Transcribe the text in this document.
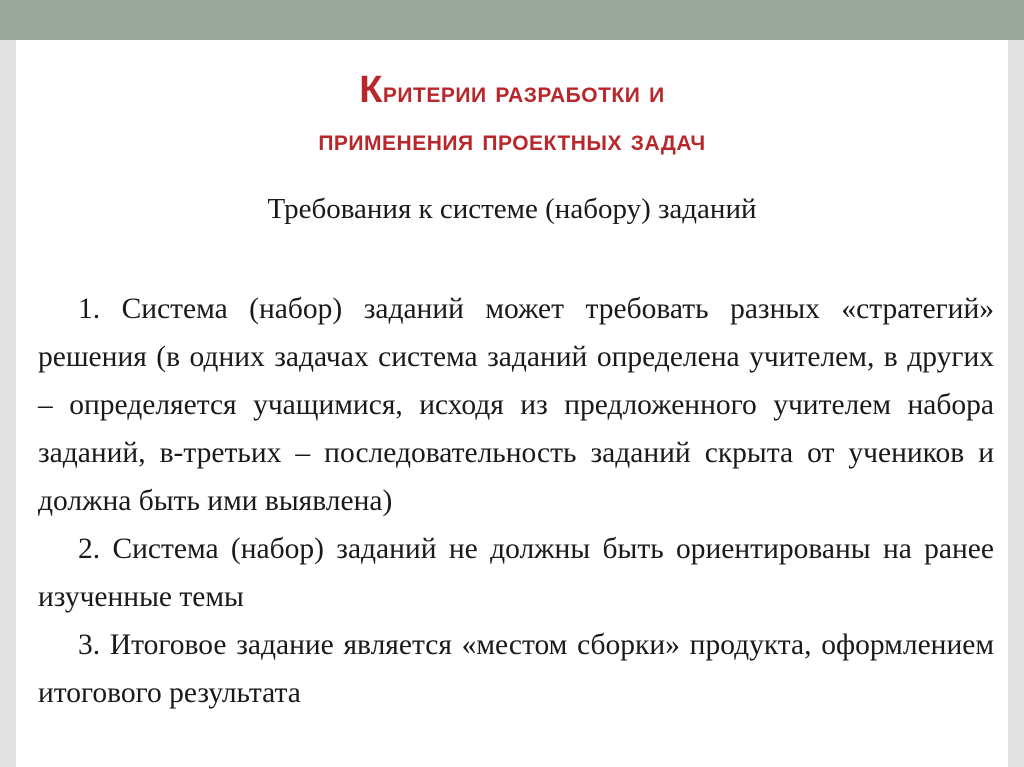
Критерии разработки и
применения проектных задач
Требования к системе (набору) заданий

1. Система (набор) заданий может требовать разных «стратегий» решения (в одних задачах система заданий определена учителем, в других – определяется учащимися, исходя из предложенного учителем набора заданий, в-третьих – последовательность заданий скрыта от учеников и должна быть ими выявлена)

2. Система (набор) заданий не должны быть ориентированы на ранее изученные темы

3. Итоговое задание является «местом сборки» продукта, оформлением итогового результата
